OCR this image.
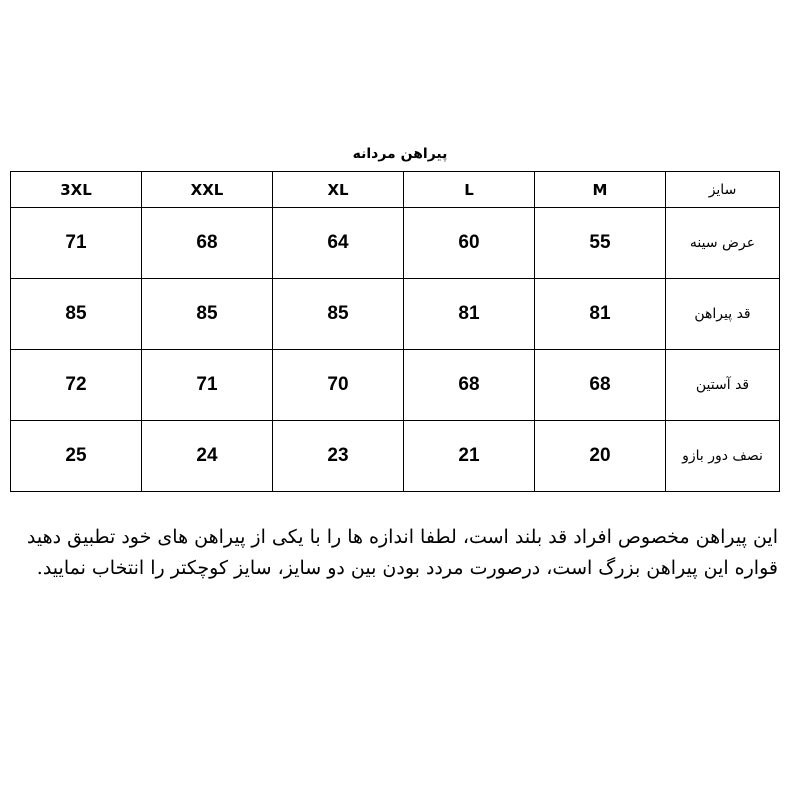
پیراهن مردانه
سایز	M	L	XL	XXL	3XL
عرض سینه	55	60	64	68	71
قد پیراهن	81	81	85	85	85
قد آستین	68	68	70	71	72
نصف دور بازو	20	21	23	24	25

این پیراهن مخصوص افراد قد بلند است، لطفا اندازه ها را با یکی از پیراهن های خود تطبیق دهید

قواره این پیراهن بزرگ است، درصورت مردد بودن بین دو سایز، سایز کوچکتر را انتخاب نمایید.
